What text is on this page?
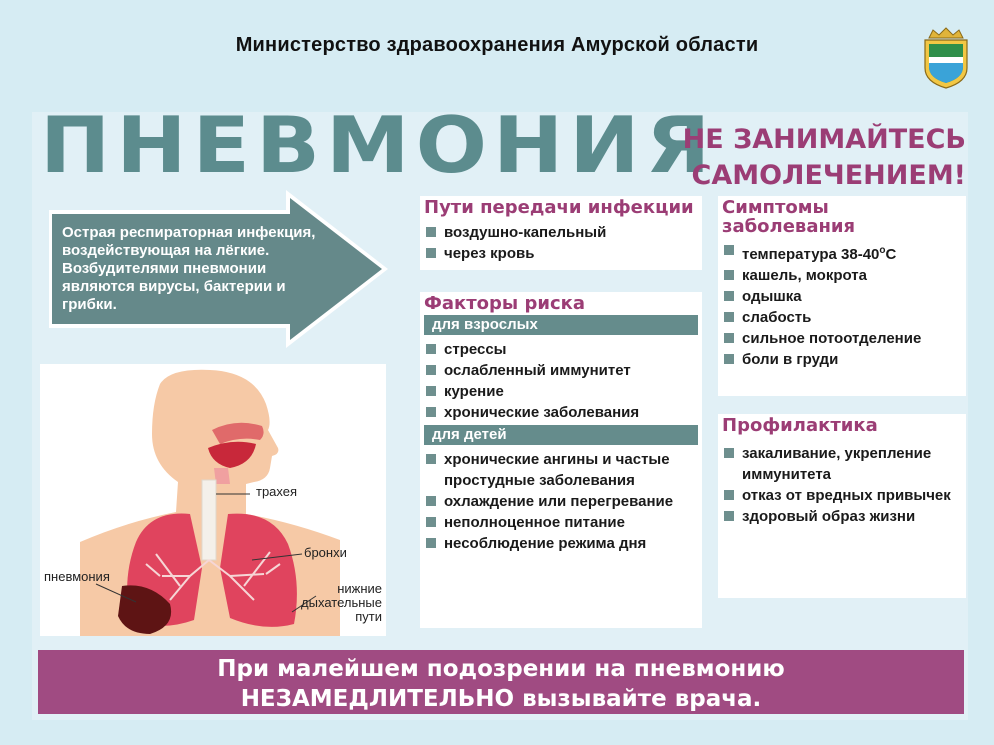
Министерство здравоохранения Амурской области
ПНЕВМОНИЯ
НЕ ЗАНИМАЙТЕСЬ
САМОЛЕЧЕНИЕМ!
Острая респираторная инфекция, воздействующая на лёгкие. Возбудителями пневмонии являются вирусы, бактерии и грибки.
трахея
бронхи
пневмония
нижние
дыхательные
пути
Пути передачи инфекции
воздушно-капельный
через кровь
Факторы риска
для взрослых
стрессы
ослабленный иммунитет
курение
хронические заболевания
для детей
хронические ангины и частые простудные заболевания
охлаждение или перегревание
неполноценное питание
несоблюдение режима дня
Симптомы
заболевания
температура $38-40^оС$
кашель, мокрота
одышка
слабость
сильное потоотделение
боли в груди
Профилактика
закаливание, укрепление иммунитета
отказ от вредных привычек
здоровый образ жизни
При малейшем подозрении на пневмонию
НЕЗАМЕДЛИТЕЛЬНО вызывайте врача.
